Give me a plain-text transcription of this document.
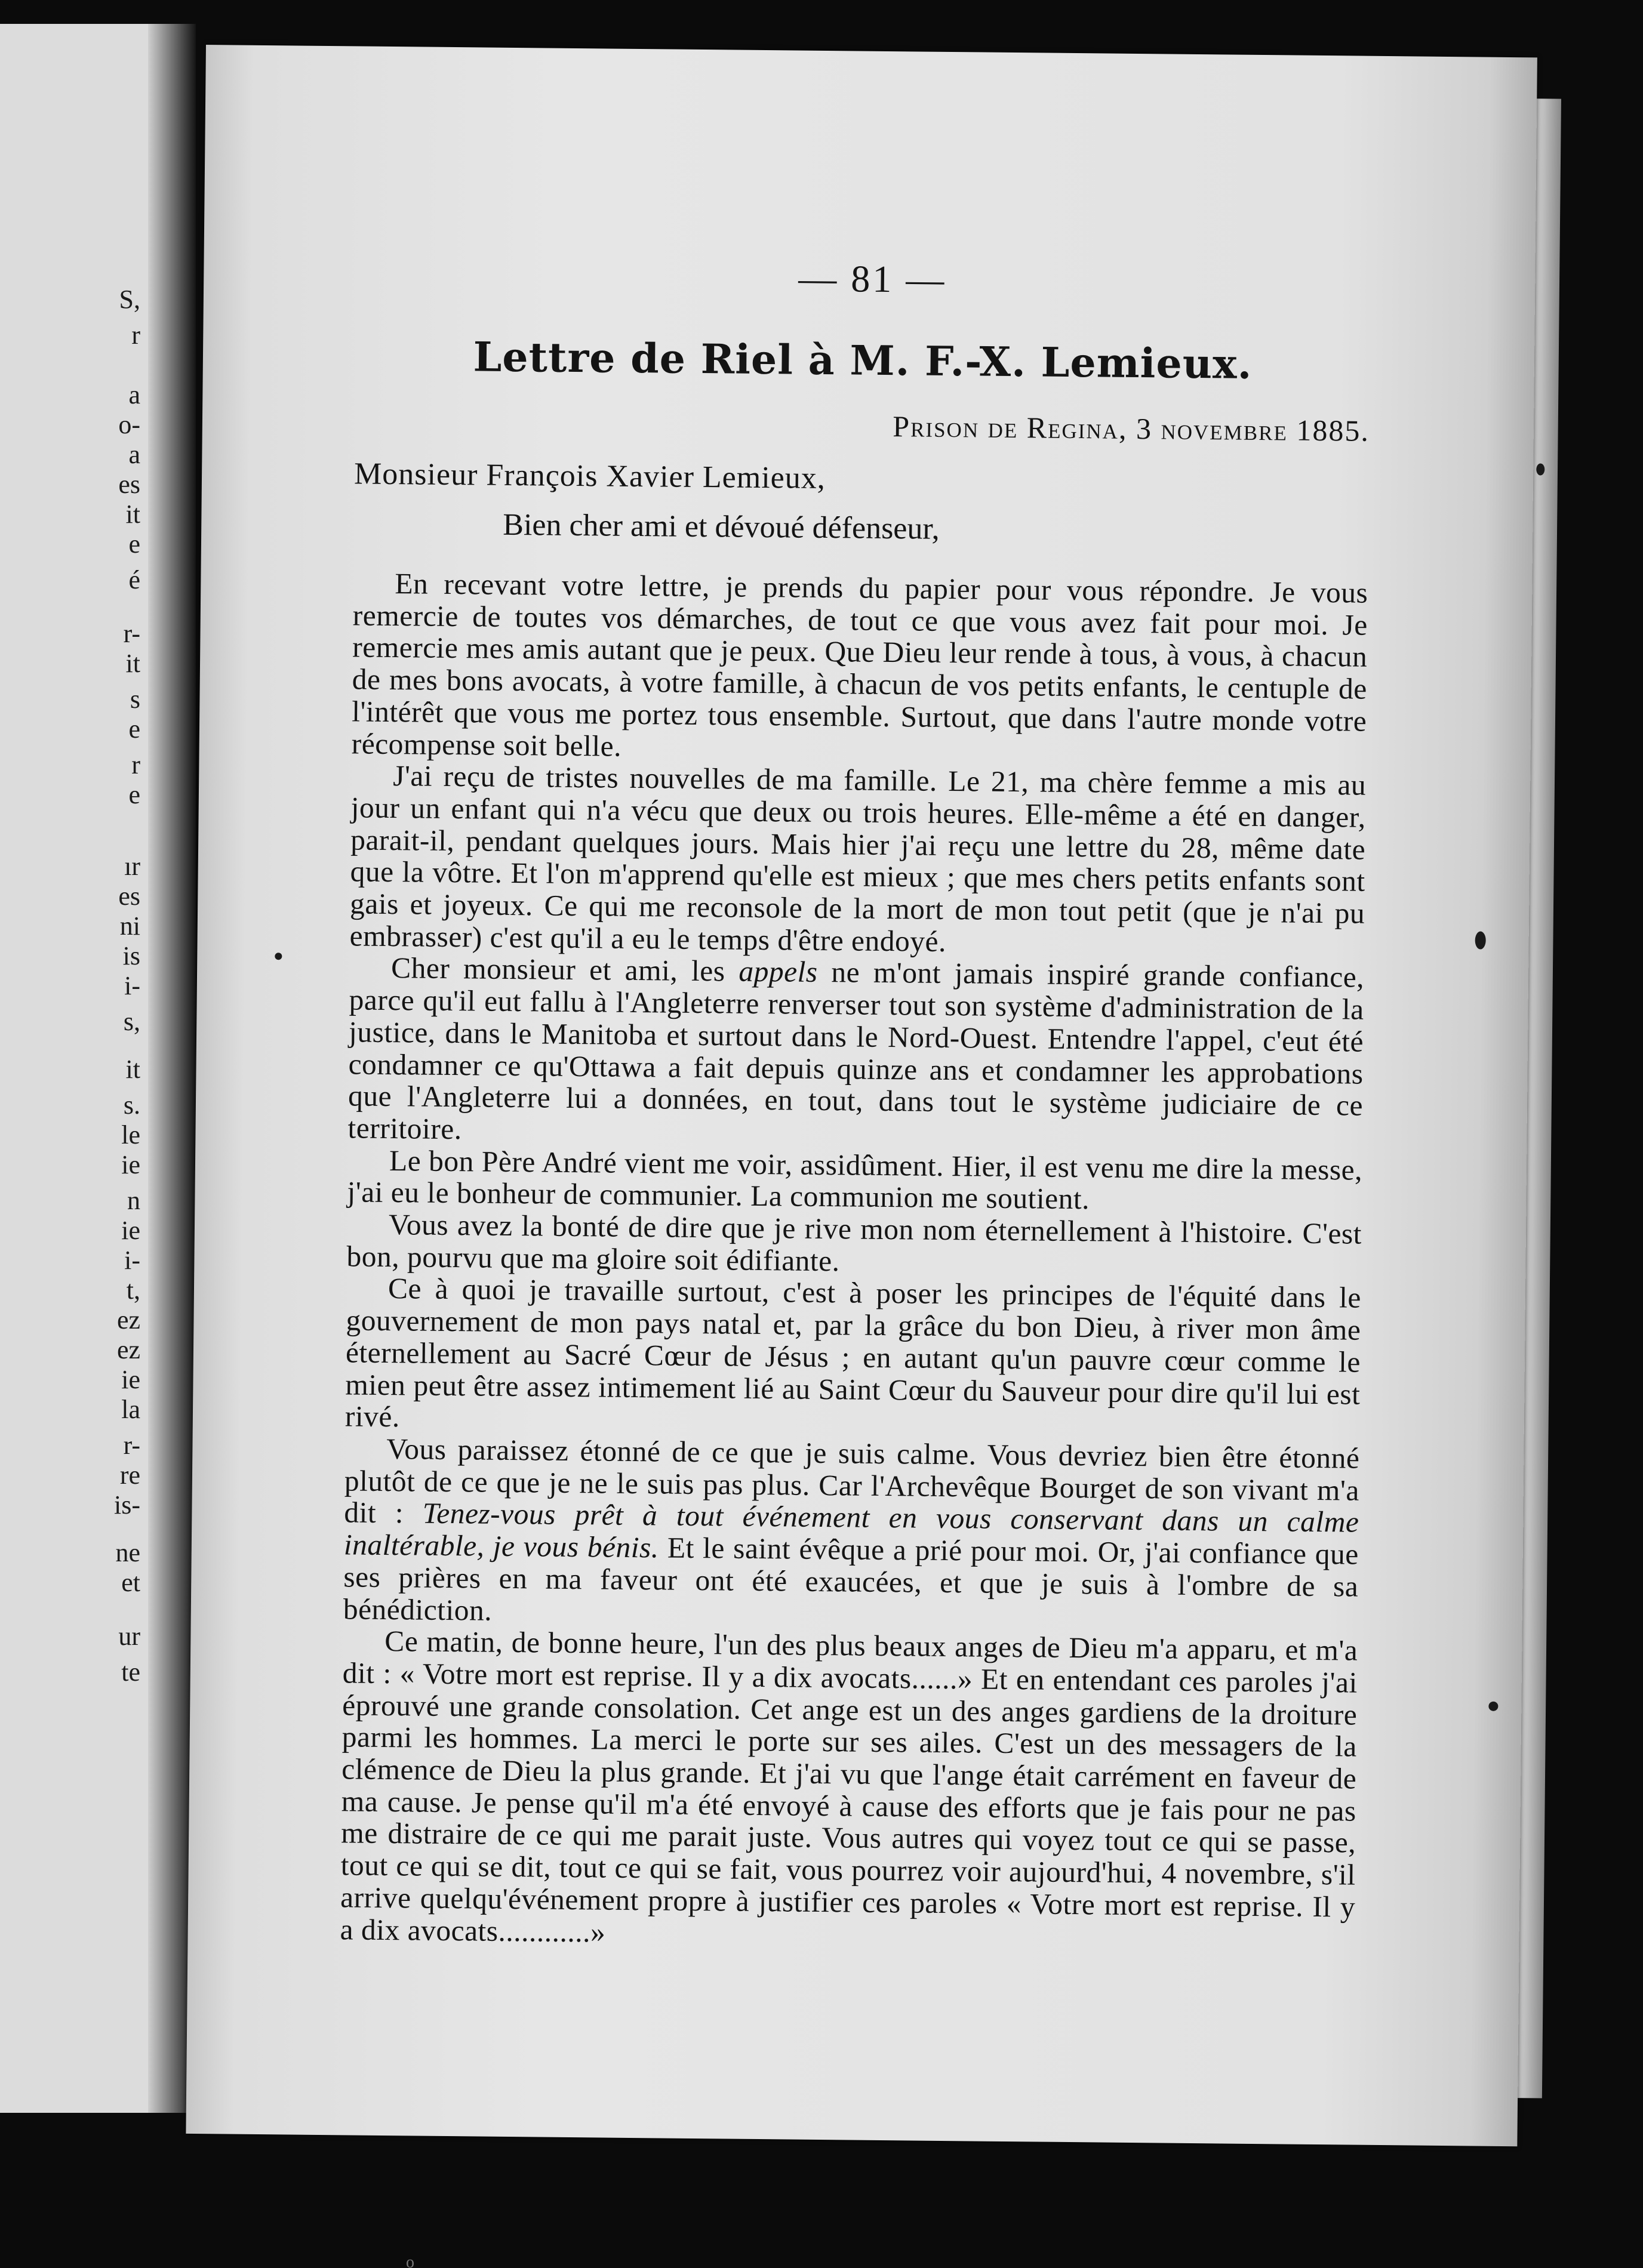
S,
r
a
o-
a
es
it
e
é
r-
it
s
e
r
e
ır
es
ni
is
i-
s,
it
s.
le
ie
n
ie
i-
t,
ez
ez
ie
la
r-
re
is-
ne
et
ur
te
— 81 —
Lettre de Riel à M. F.-X. Lemieux.
Prison de Regina, 3 novembre 1885.
Monsieur François Xavier Lemieux,
Bien cher ami et dévoué défenseur,

En recevant votre lettre, je prends du papier pour vous répondre. Je vous remercie de toutes vos démarches, de tout ce que vous avez fait pour moi. Je remercie mes amis autant que je peux. Que Dieu leur rende à tous, à vous, à chacun de mes bons avocats, à votre famille, à chacun de vos petits enfants, le centuple de l'intérêt que vous me portez tous ensemble. Surtout, que dans l'autre monde votre récompense soit belle.

J'ai reçu de tristes nouvelles de ma famille. Le 21, ma chère femme a mis au jour un enfant qui n'a vécu que deux ou trois heures. Elle-même a été en danger, parait-il, pendant quelques jours. Mais hier j'ai reçu une lettre du 28, même date que la vôtre. Et l'on m'apprend qu'elle est mieux ; que mes chers petits enfants sont gais et joyeux. Ce qui me reconsole de la mort de mon tout petit (que je n'ai pu embrasser) c'est qu'il a eu le temps d'être endoyé.

Cher monsieur et ami, les appels ne m'ont jamais inspiré grande confiance, parce qu'il eut fallu à l'Angleterre renverser tout son système d'administration de la justice, dans le Manitoba et surtout dans le Nord-Ouest. Entendre l'appel, c'eut été condamner ce qu'Ottawa a fait depuis quinze ans et condamner les approbations que l'Angleterre lui a données, en tout, dans tout le système judiciaire de ce territoire.

Le bon Père André vient me voir, assidûment. Hier, il est venu me dire la messe, j'ai eu le bonheur de communier. La communion me soutient.

Vous avez la bonté de dire que je rive mon nom éternellement à l'histoire. C'est bon, pourvu que ma gloire soit édifiante.

Ce à quoi je travaille surtout, c'est à poser les principes de l'équité dans le gouvernement de mon pays natal et, par la grâce du bon Dieu, à river mon âme éternellement au Sacré Cœur de Jésus ; en autant qu'un pauvre cœur comme le mien peut être assez intimement lié au Saint Cœur du Sauveur pour dire qu'il lui est rivé.

Vous paraissez étonné de ce que je suis calme. Vous devriez bien être étonné plutôt de ce que je ne le suis pas plus. Car l'Archevêque Bourget de son vivant m'a dit : Tenez-vous prêt à tout événement en vous conservant dans un calme inaltérable, je vous bénis. Et le saint évêque a prié pour moi. Or, j'ai confiance que ses prières en ma faveur ont été exaucées, et que je suis à l'ombre de sa bénédiction.

Ce matin, de bonne heure, l'un des plus beaux anges de Dieu m'a apparu, et m'a dit : « Votre mort est reprise. Il y a dix avocats......» Et en entendant ces paroles j'ai éprouvé une grande consolation. Cet ange est un des anges gardiens de la droiture parmi les hommes. La merci le porte sur ses ailes. C'est un des messagers de la clémence de Dieu la plus grande. Et j'ai vu que l'ange était carrément en faveur de ma cause. Je pense qu'il m'a été envoyé à cause des efforts que je fais pour ne pas me distraire de ce qui me parait juste. Vous autres qui voyez tout ce qui se passe, tout ce qui se dit, tout ce qui se fait, vous pourrez voir aujourd'hui, 4 novembre, s'il arrive quelqu'événement propre à justifier ces paroles « Votre mort est reprise. Il y a dix avocats............»

o
